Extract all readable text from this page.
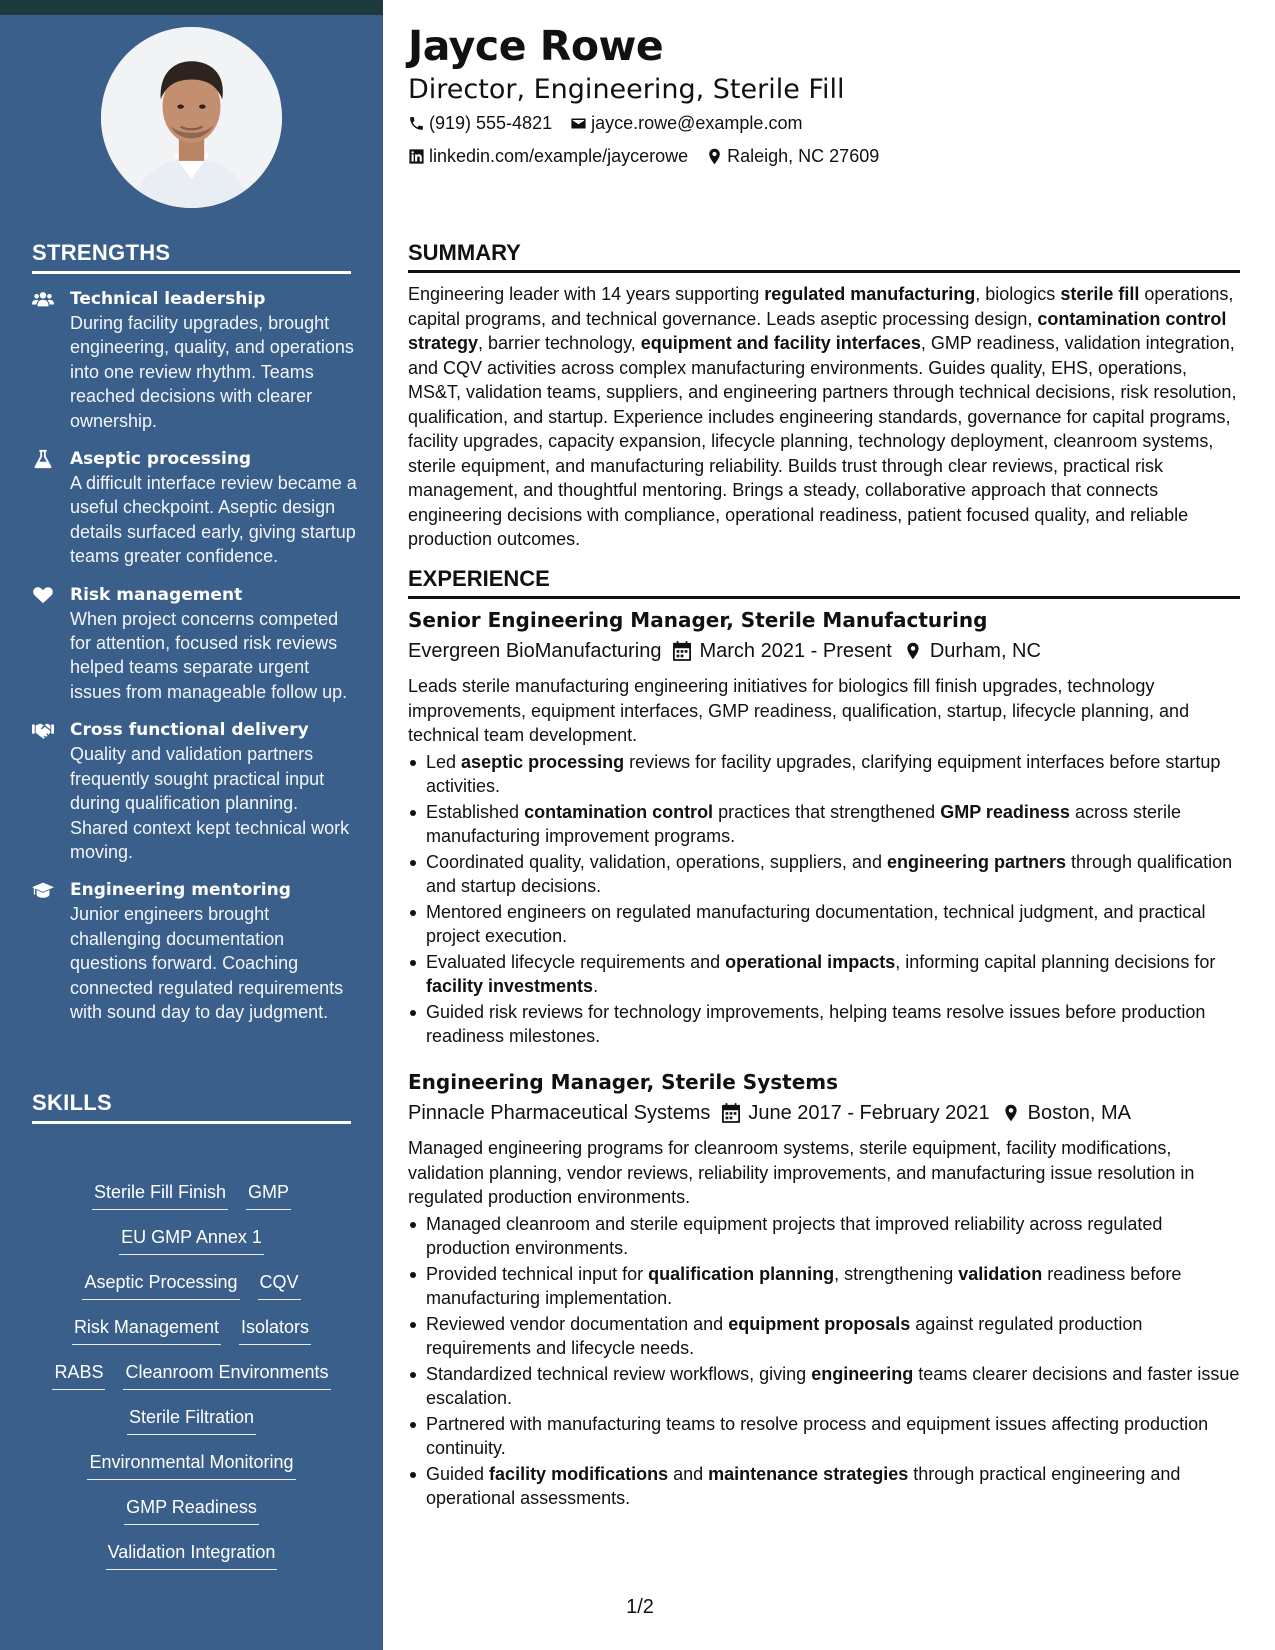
STRENGTHS
Technical leadership
During facility upgrades, brought engineering, quality, and operations into one review rhythm. Teams reached decisions with clearer ownership.
Aseptic processing
A difficult interface review became a useful checkpoint. Aseptic design details surfaced early, giving startup teams greater confidence.
Risk management
When project concerns competed for attention, focused risk reviews helped teams separate urgent issues from manageable follow up.
Cross functional delivery
Quality and validation partners frequently sought practical input during qualification planning. Shared context kept technical work moving.
Engineering mentoring
Junior engineers brought challenging documentation questions forward. Coaching connected regulated requirements with sound day to day judgment.
SKILLS
Sterile Fill Finish GMP
EU GMP Annex 1
Aseptic Processing CQV
Risk Management Isolators
RABS Cleanroom Environments
Sterile Filtration
Environmental Monitoring
GMP Readiness
Validation Integration
Jayce Rowe
Director, Engineering, Sterile Fill
(919) 555-4821 jayce.rowe@example.com
linkedin.com/example/jaycerowe Raleigh, NC 27609
SUMMARY
Engineering leader with 14 years supporting regulated manufacturing, biologics sterile fill operations, capital programs, and technical governance. Leads aseptic processing design, contamination control strategy, barrier technology, equipment and facility interfaces, GMP readiness, validation integration, and CQV activities across complex manufacturing environments. Guides quality, EHS, operations, MS&T, validation teams, suppliers, and engineering partners through technical decisions, risk resolution, qualification, and startup. Experience includes engineering standards, governance for capital programs, facility upgrades, capacity expansion, lifecycle planning, technology deployment, cleanroom systems, sterile equipment, and manufacturing reliability. Builds trust through clear reviews, practical risk management, and thoughtful mentoring. Brings a steady, collaborative approach that connects engineering decisions with compliance, operational readiness, patient focused quality, and reliable production outcomes.
EXPERIENCE
Senior Engineering Manager, Sterile Manufacturing
Evergreen BioManufacturing March 2021 - Present Durham, NC
Leads sterile manufacturing engineering initiatives for biologics fill finish upgrades, technology improvements, equipment interfaces, GMP readiness, qualification, startup, lifecycle planning, and technical team development.
Led aseptic processing reviews for facility upgrades, clarifying equipment interfaces before startup activities.
Established contamination control practices that strengthened GMP readiness across sterile manufacturing improvement programs.
Coordinated quality, validation, operations, suppliers, and engineering partners through qualification and startup decisions.
Mentored engineers on regulated manufacturing documentation, technical judgment, and practical project execution.
Evaluated lifecycle requirements and operational impacts, informing capital planning decisions for facility investments.
Guided risk reviews for technology improvements, helping teams resolve issues before production readiness milestones.
Engineering Manager, Sterile Systems
Pinnacle Pharmaceutical Systems June 2017 - February 2021 Boston, MA
Managed engineering programs for cleanroom systems, sterile equipment, facility modifications, validation planning, vendor reviews, reliability improvements, and manufacturing issue resolution in regulated production environments.
Managed cleanroom and sterile equipment projects that improved reliability across regulated production environments.
Provided technical input for qualification planning, strengthening validation readiness before manufacturing implementation.
Reviewed vendor documentation and equipment proposals against regulated production requirements and lifecycle needs.
Standardized technical review workflows, giving engineering teams clearer decisions and faster issue escalation.
Partnered with manufacturing teams to resolve process and equipment issues affecting production continuity.
Guided facility modifications and maintenance strategies through practical engineering and operational assessments.
1/2
